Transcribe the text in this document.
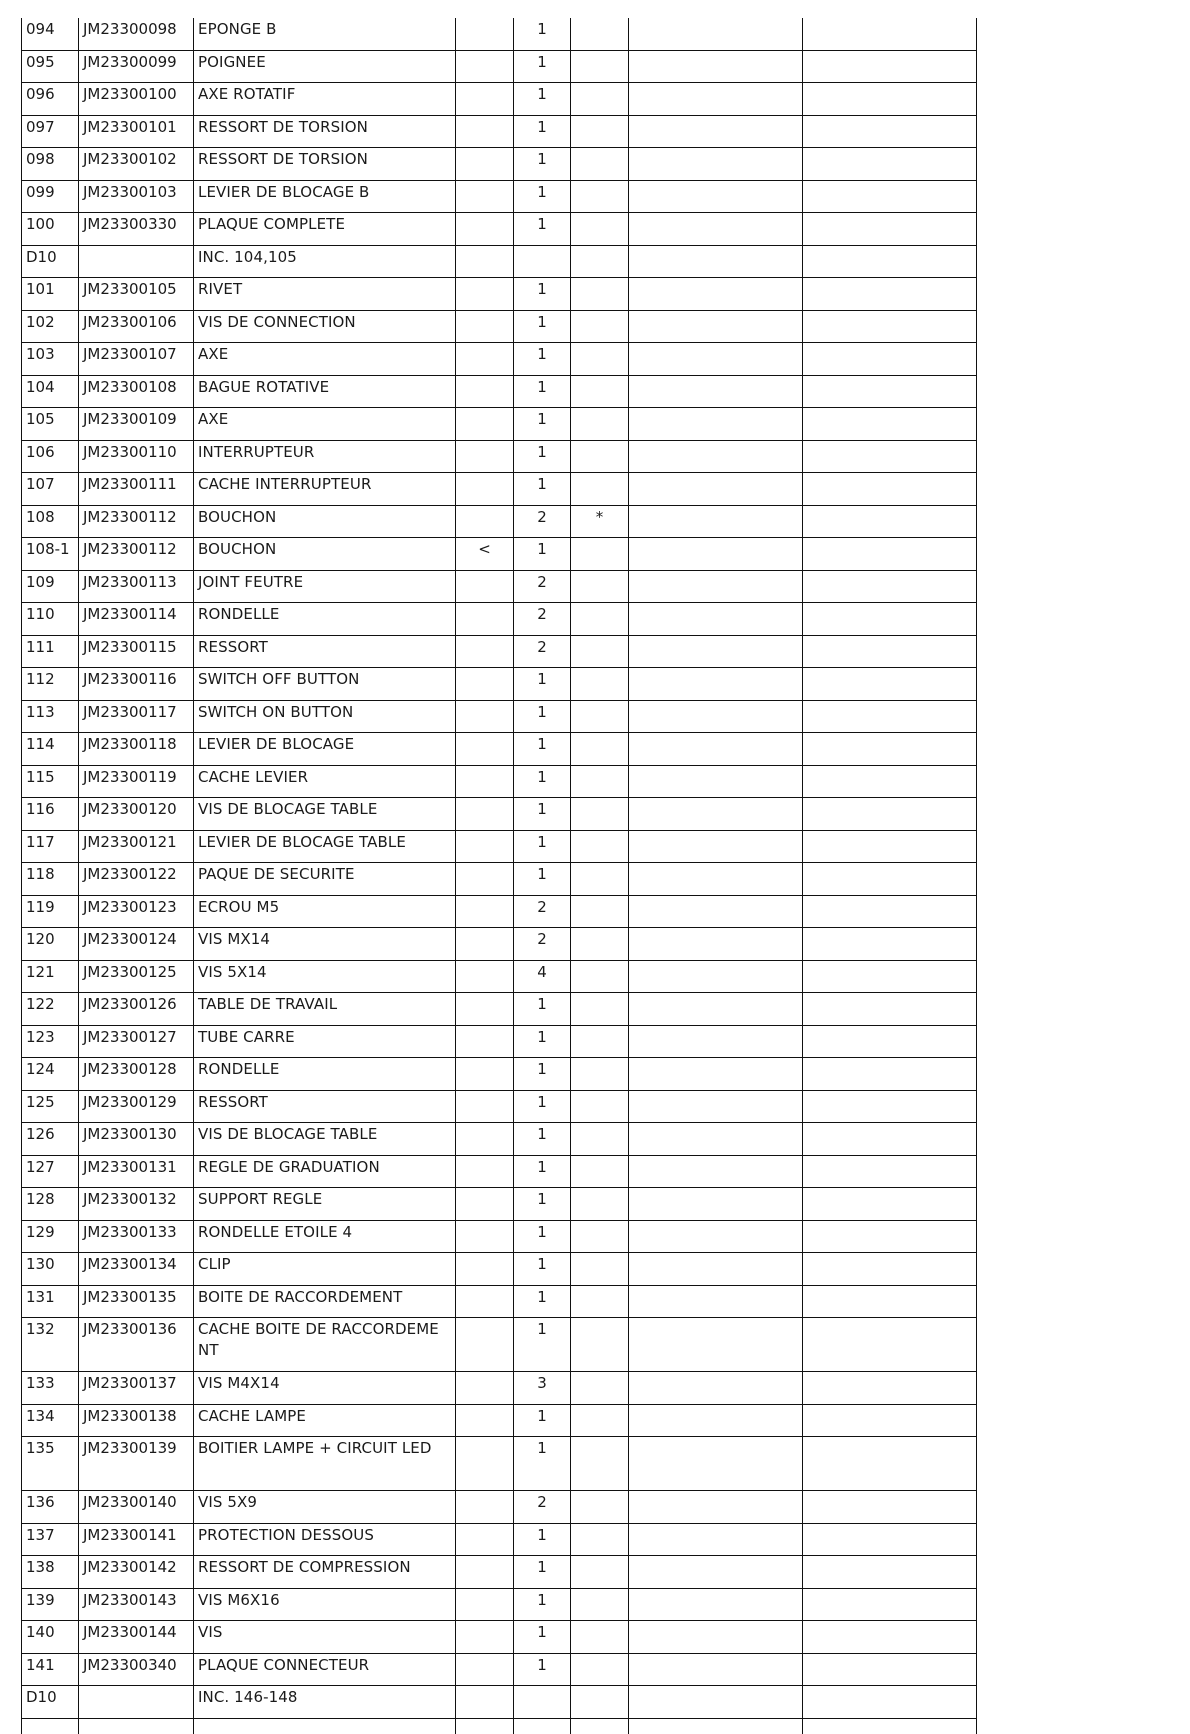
094	JM23300098	EPONGE B		1			
095	JM23300099	POIGNEE		1			
096	JM23300100	AXE ROTATIF		1			
097	JM23300101	RESSORT DE TORSION		1			
098	JM23300102	RESSORT DE TORSION		1			
099	JM23300103	LEVIER DE BLOCAGE B		1			
100	JM23300330	PLAQUE COMPLETE		1			
D10		INC. 104,105					
101	JM23300105	RIVET		1			
102	JM23300106	VIS DE CONNECTION		1			
103	JM23300107	AXE		1			
104	JM23300108	BAGUE ROTATIVE		1			
105	JM23300109	AXE		1			
106	JM23300110	INTERRUPTEUR		1			
107	JM23300111	CACHE INTERRUPTEUR		1			
108	JM23300112	BOUCHON		2	*		
108-1	JM23300112	BOUCHON	<	1			
109	JM23300113	JOINT FEUTRE		2			
110	JM23300114	RONDELLE		2			
111	JM23300115	RESSORT		2			
112	JM23300116	SWITCH OFF BUTTON		1			
113	JM23300117	SWITCH ON BUTTON		1			
114	JM23300118	LEVIER DE BLOCAGE		1			
115	JM23300119	CACHE LEVIER		1			
116	JM23300120	VIS DE BLOCAGE TABLE		1			
117	JM23300121	LEVIER DE BLOCAGE TABLE		1			
118	JM23300122	PAQUE DE SECURITE		1			
119	JM23300123	ECROU M5		2			
120	JM23300124	VIS MX14		2			
121	JM23300125	VIS 5X14		4			
122	JM23300126	TABLE DE TRAVAIL		1			
123	JM23300127	TUBE CARRE		1			
124	JM23300128	RONDELLE		1			
125	JM23300129	RESSORT		1			
126	JM23300130	VIS DE BLOCAGE TABLE		1			
127	JM23300131	REGLE DE GRADUATION		1			
128	JM23300132	SUPPORT REGLE		1			
129	JM23300133	RONDELLE ETOILE 4		1			
130	JM23300134	CLIP		1			
131	JM23300135	BOITE DE RACCORDEMENT		1			
132	JM23300136	CACHE BOITE DE RACCORDEME NT		1			
133	JM23300137	VIS M4X14		3			
134	JM23300138	CACHE LAMPE		1			
135	JM23300139	BOITIER LAMPE + CIRCUIT LED		1			
136	JM23300140	VIS 5X9		2			
137	JM23300141	PROTECTION DESSOUS		1			
138	JM23300142	RESSORT DE COMPRESSION		1			
139	JM23300143	VIS M6X16		1			
140	JM23300144	VIS		1			
141	JM23300340	PLAQUE CONNECTEUR		1			
D10		INC. 146-148					
